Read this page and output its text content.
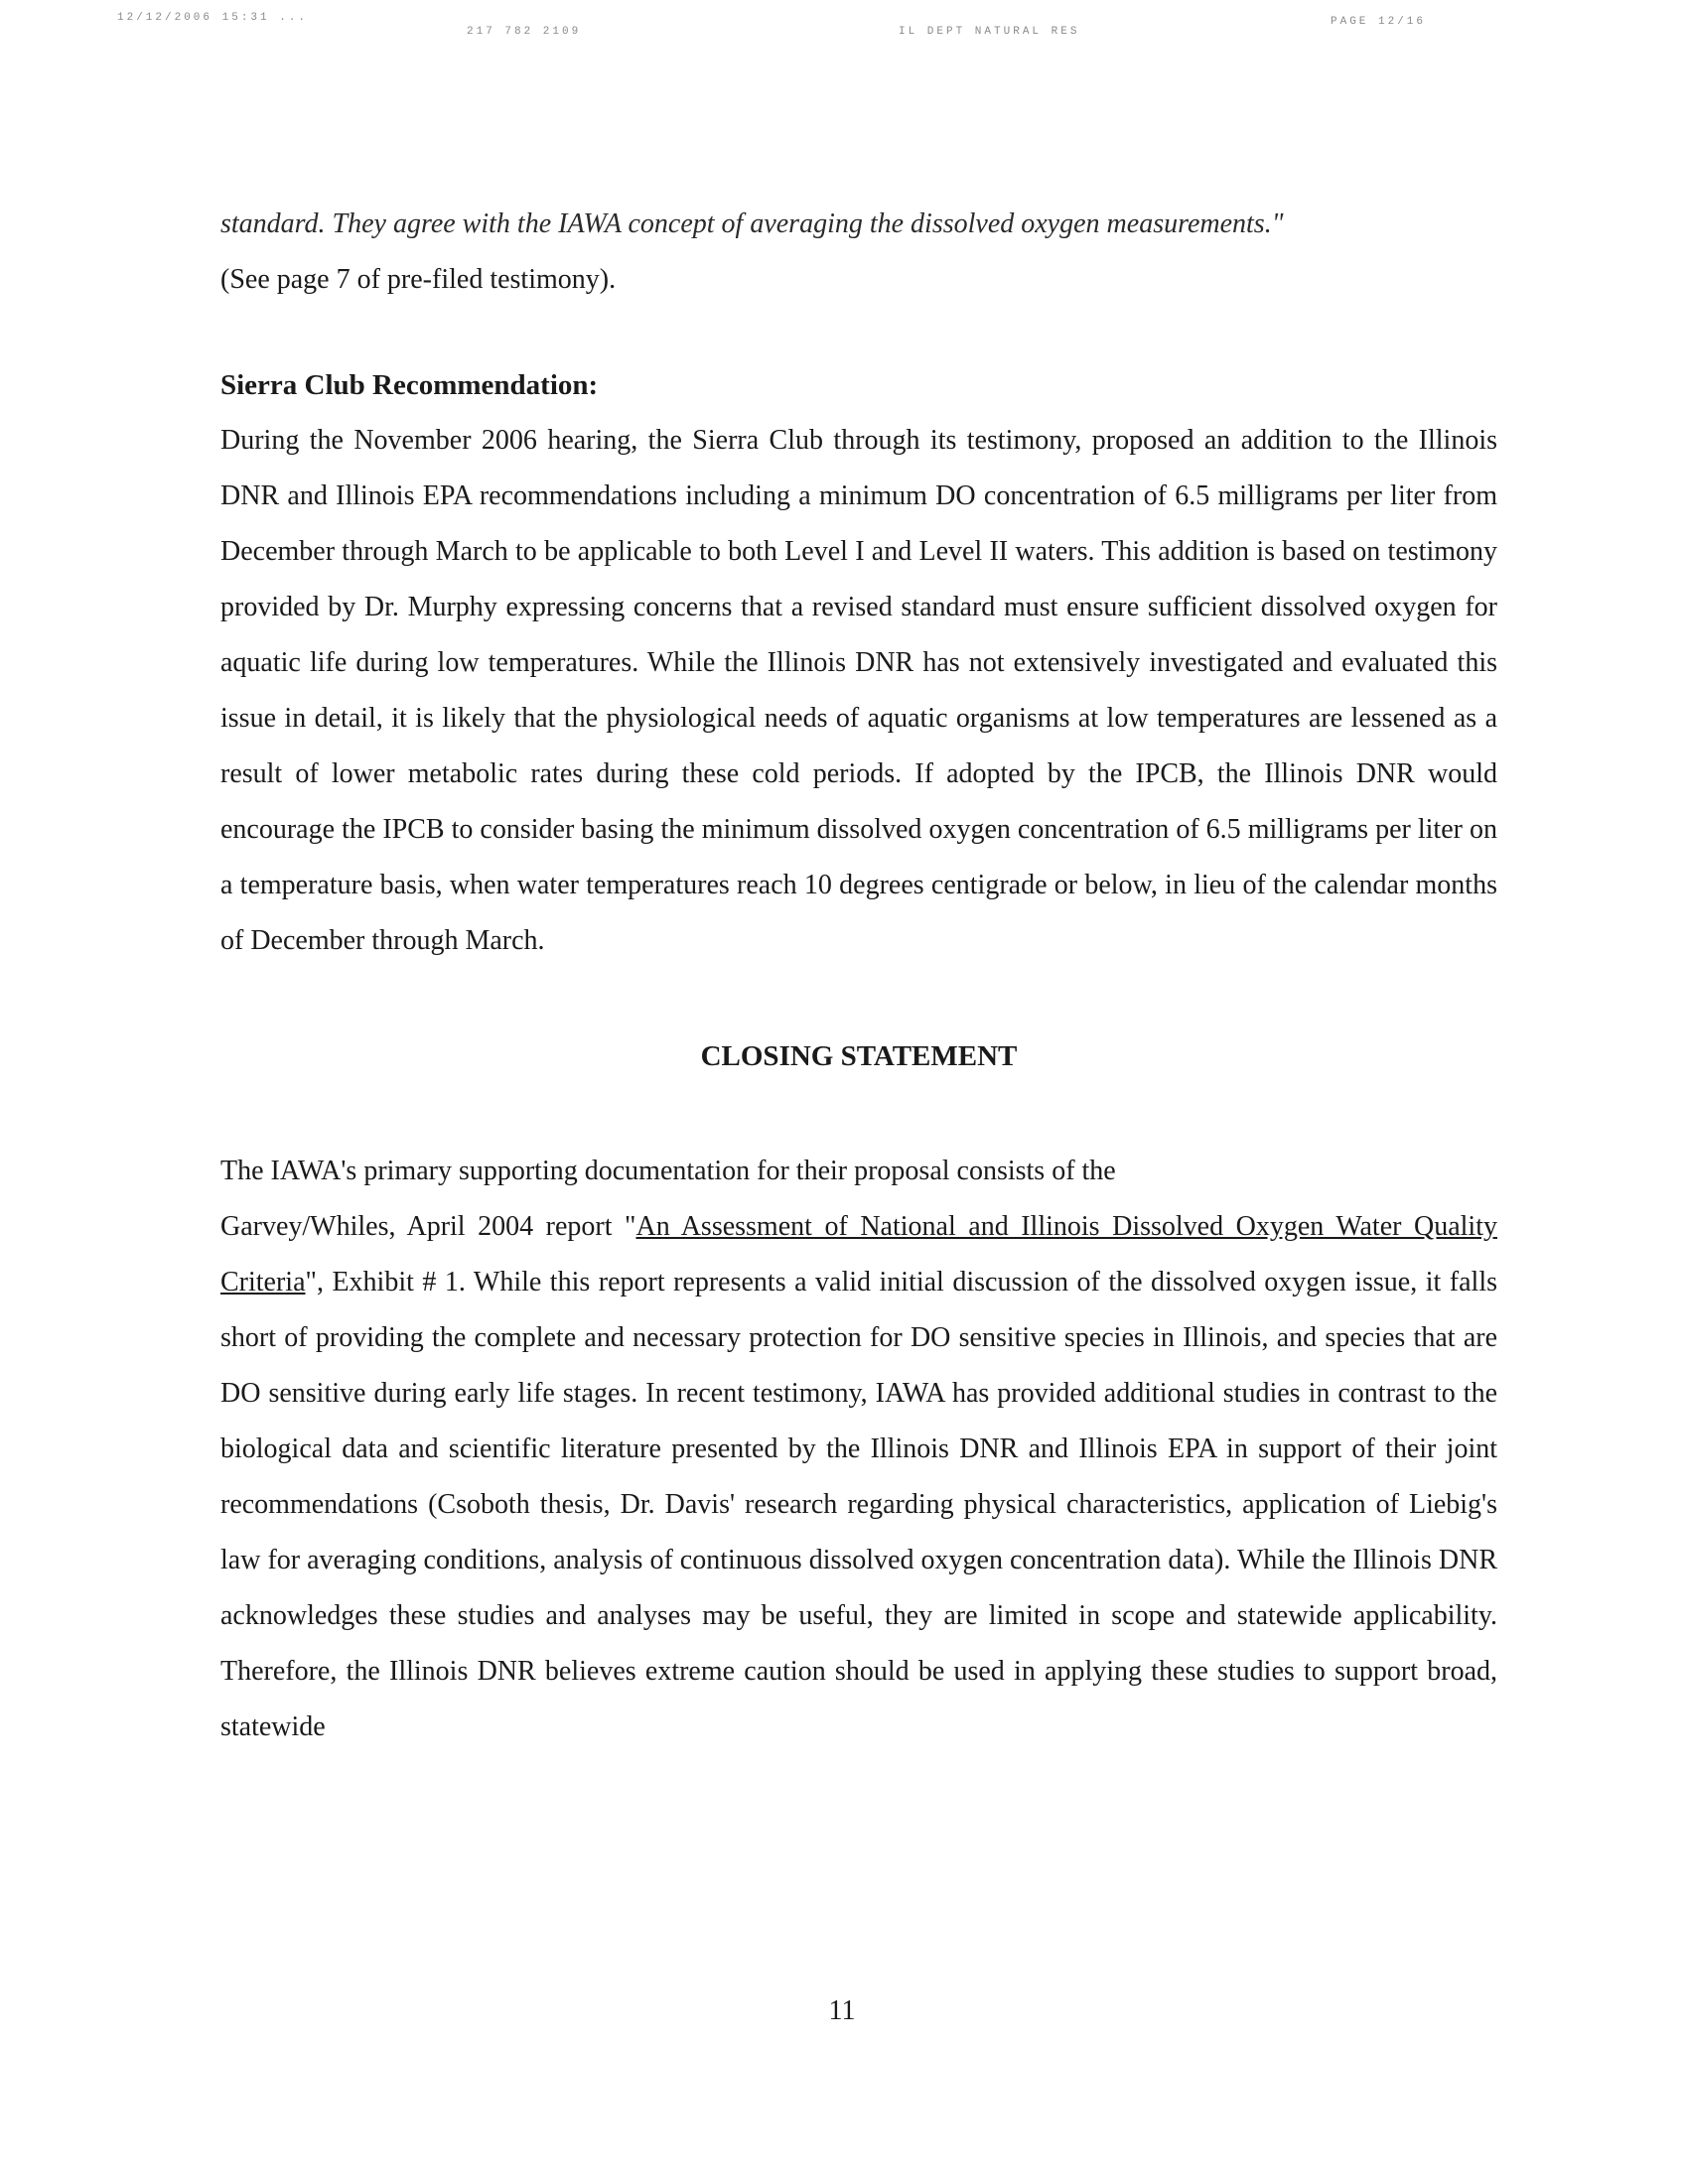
12/12/2006 15:31 ...
217 782 2109	IL DEPT NATURAL RES
PAGE 12/16

standard. They agree with the IAWA concept of averaging the dissolved oxygen measurements."
(See page 7 of pre-filed testimony).

Sierra Club Recommendation:

During the November 2006 hearing, the Sierra Club through its testimony, proposed an addition to the Illinois DNR and Illinois EPA recommendations including a minimum DO concentration of 6.5 milligrams per liter from December through March to be applicable to both Level I and Level II waters. This addition is based on testimony provided by Dr. Murphy expressing concerns that a revised standard must ensure sufficient dissolved oxygen for aquatic life during low temperatures. While the Illinois DNR has not extensively investigated and evaluated this issue in detail, it is likely that the physiological needs of aquatic organisms at low temperatures are lessened as a result of lower metabolic rates during these cold periods. If adopted by the IPCB, the Illinois DNR would encourage the IPCB to consider basing the minimum dissolved oxygen concentration of 6.5 milligrams per liter on a temperature basis, when water temperatures reach 10 degrees centigrade or below, in lieu of the calendar months of December through March.

CLOSING STATEMENT

The IAWA's primary supporting documentation for their proposal consists of the

Garvey/Whiles, April 2004 report "An Assessment of National and Illinois Dissolved Oxygen Water Quality Criteria", Exhibit # 1. While this report represents a valid initial discussion of the dissolved oxygen issue, it falls short of providing the complete and necessary protection for DO sensitive species in Illinois, and species that are DO sensitive during early life stages. In recent testimony, IAWA has provided additional studies in contrast to the biological data and scientific literature presented by the Illinois DNR and Illinois EPA in support of their joint recommendations (Csoboth thesis, Dr. Davis' research regarding physical characteristics, application of Liebig's law for averaging conditions, analysis of continuous dissolved oxygen concentration data). While the Illinois DNR acknowledges these studies and analyses may be useful, they are limited in scope and statewide applicability. Therefore, the Illinois DNR believes extreme caution should be used in applying these studies to support broad, statewide

11
